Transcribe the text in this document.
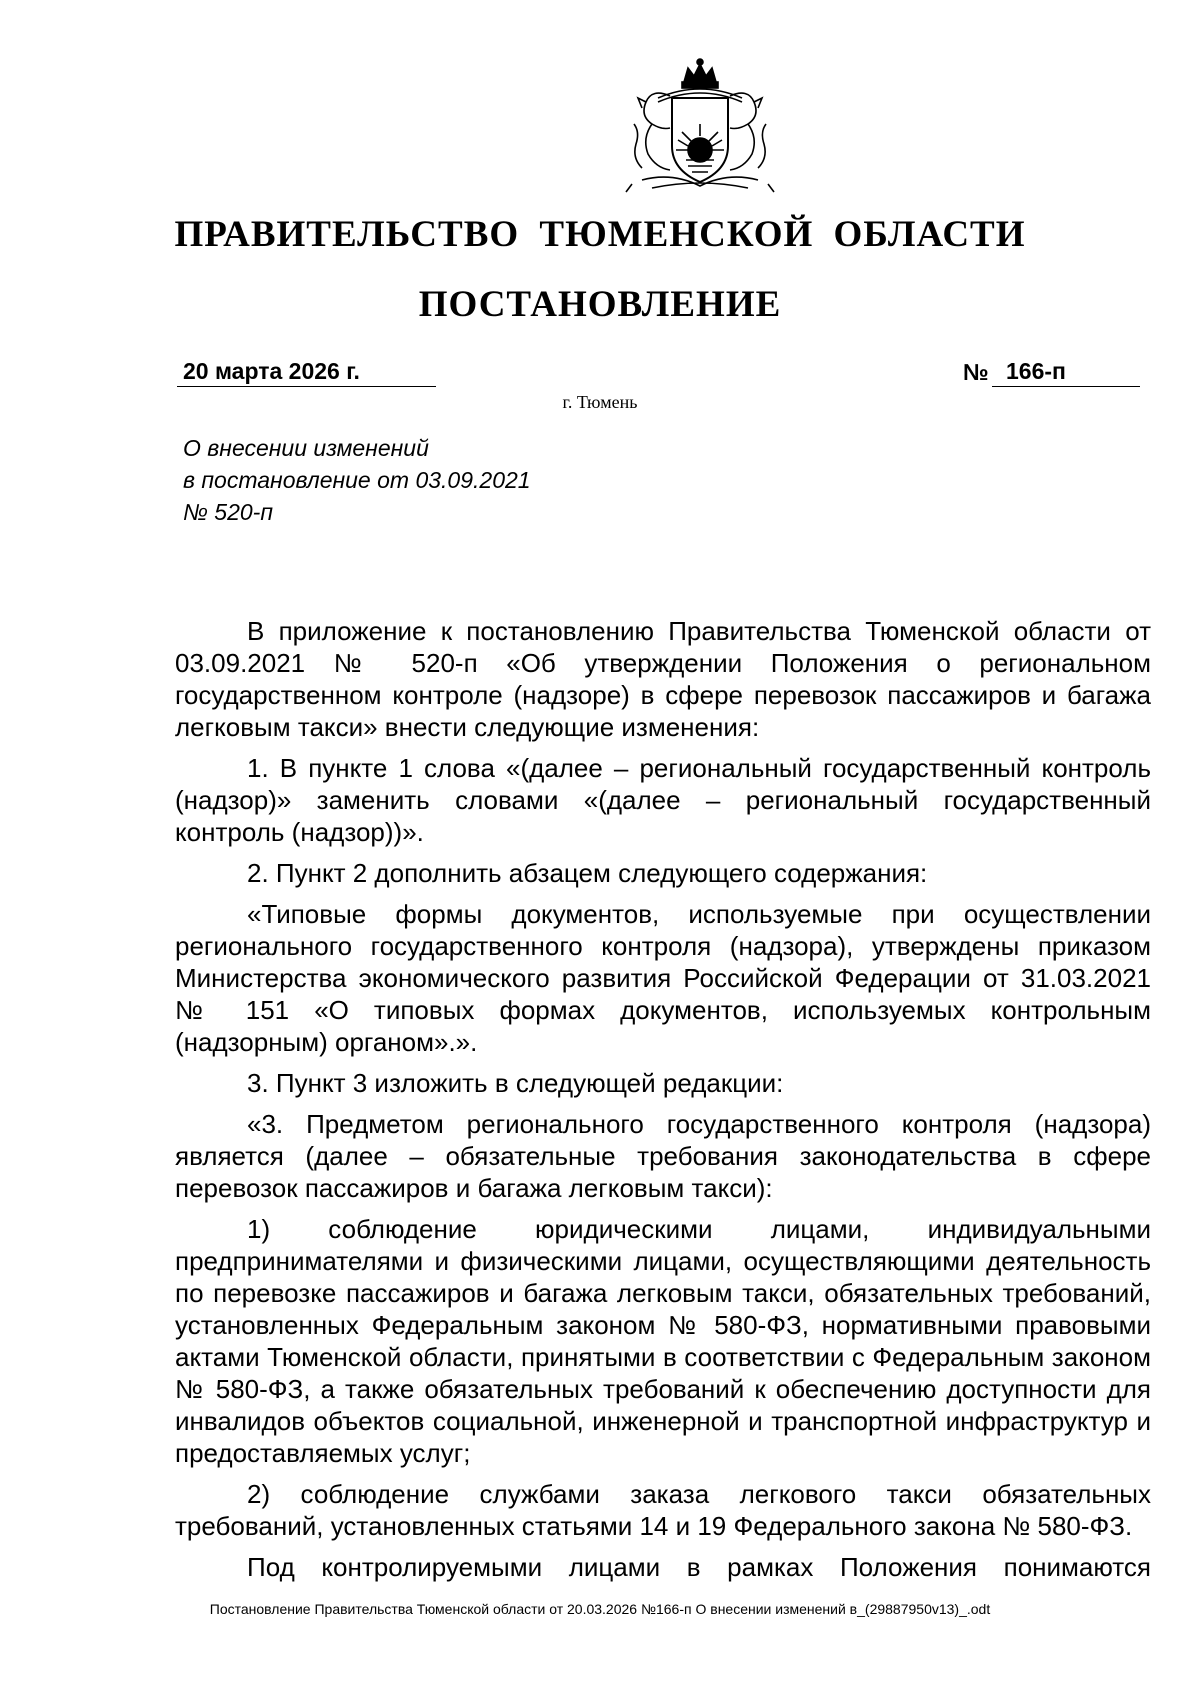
ПРАВИТЕЛЬСТВО ТЮМЕНСКОЙ ОБЛАСТИ
ПОСТАНОВЛЕНИЕ
20 марта 2026 г.	№ 166-п
г. Тюмень
О внесении изменений
в постановление от 03.09.2021
№ 520-п

В приложение к постановлению Правительства Тюменской области от 03.09.2021 № 520-п «Об утверждении Положения о региональном государственном контроле (надзоре) в сфере перевозок пассажиров и багажа легковым такси» внести следующие изменения:

1. В пункте 1 слова «(далее – региональный государственный контроль (надзор)» заменить словами «(далее – региональный государственный контроль (надзор))».

2. Пункт 2 дополнить абзацем следующего содержания:

«Типовые формы документов, используемые при осуществлении регионального государственного контроля (надзора), утверждены приказом Министерства экономического развития Российской Федерации от 31.03.2021 № 151 «О типовых формах документов, используемых контрольным (надзорным) органом».».

3. Пункт 3 изложить в следующей редакции:

«3. Предметом регионального государственного контроля (надзора) является (далее – обязательные требования законодательства в сфере перевозок пассажиров и багажа легковым такси):

1) соблюдение юридическими лицами, индивидуальными предпринимателями и физическими лицами, осуществляющими деятельность по перевозке пассажиров и багажа легковым такси, обязательных требований, установленных Федеральным законом № 580-ФЗ, нормативными правовыми актами Тюменской области, принятыми в соответствии с Федеральным законом № 580-ФЗ, а также обязательных требований к обеспечению доступности для инвалидов объектов социальной, инженерной и транспортной инфраструктур и предоставляемых услуг;

2) соблюдение службами заказа легкового такси обязательных требований, установленных статьями 14 и 19 Федерального закона № 580-ФЗ.

Под контролируемыми лицами в рамках Положения понимаются

Постановление Правительства Тюменской области от 20.03.2026 №166-п О внесении изменений в_(29887950v13)_.odt
